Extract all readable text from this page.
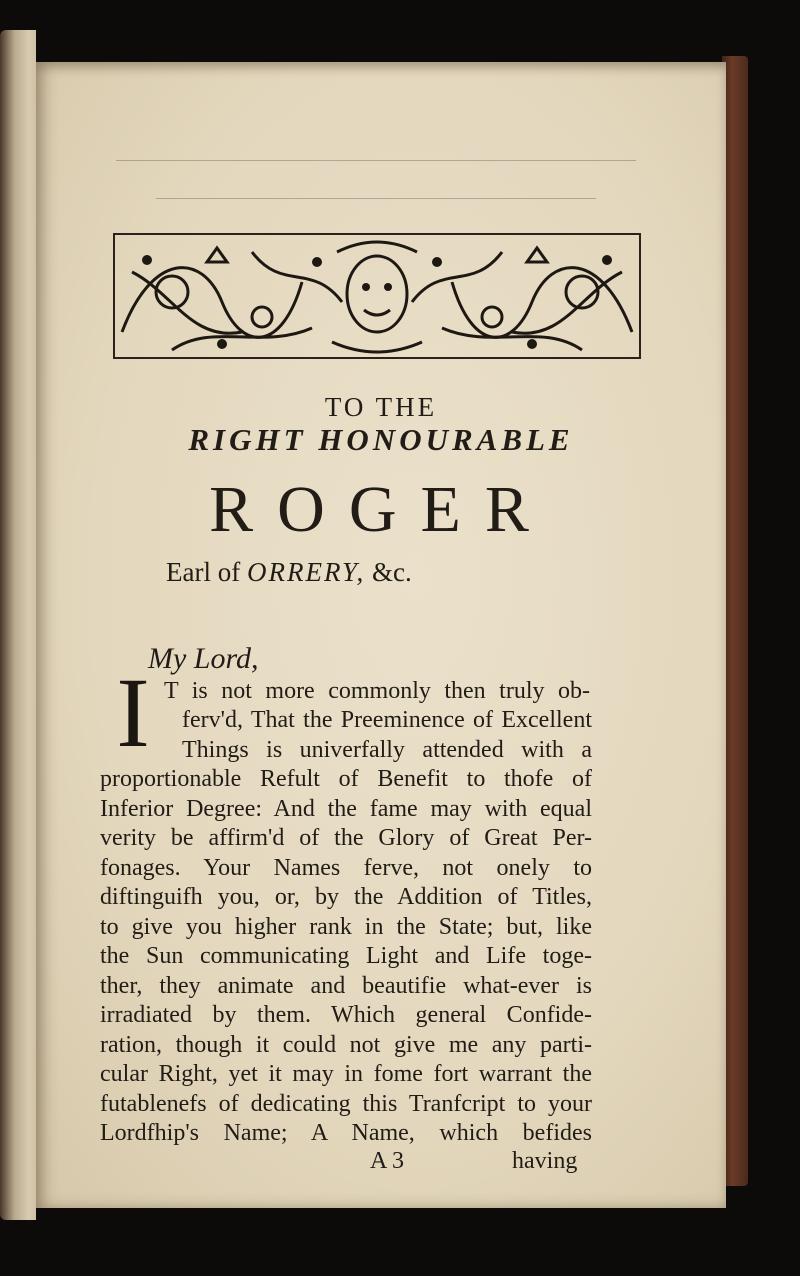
TO THE

RIGHT HONOURABLE

ROGER

Earl of ORRERY, &c.

My Lord,

I T is not more commonly then truly ob-

ferv'd, That the Preeminence of Excellent

Things is univerfally attended with a

proportionable Refult of Benefit to thofe of

Inferior Degree: And the fame may with equal

verity be affirm'd of the Glory of Great Per-

fonages. Your Names ferve, not onely to

diftinguifh you, or, by the Addition of Titles,

to give you higher rank in the State; but, like

the Sun communicating Light and Life toge-

ther, they animate and beautifie what-ever is

irradiated by them. Which general Confide-

ration, though it could not give me any parti-

cular Right, yet it may in fome fort warrant the

futablenefs of dedicating this Tranfcript to your

Lordfhip's Name; A Name, which befides

A 3	having
